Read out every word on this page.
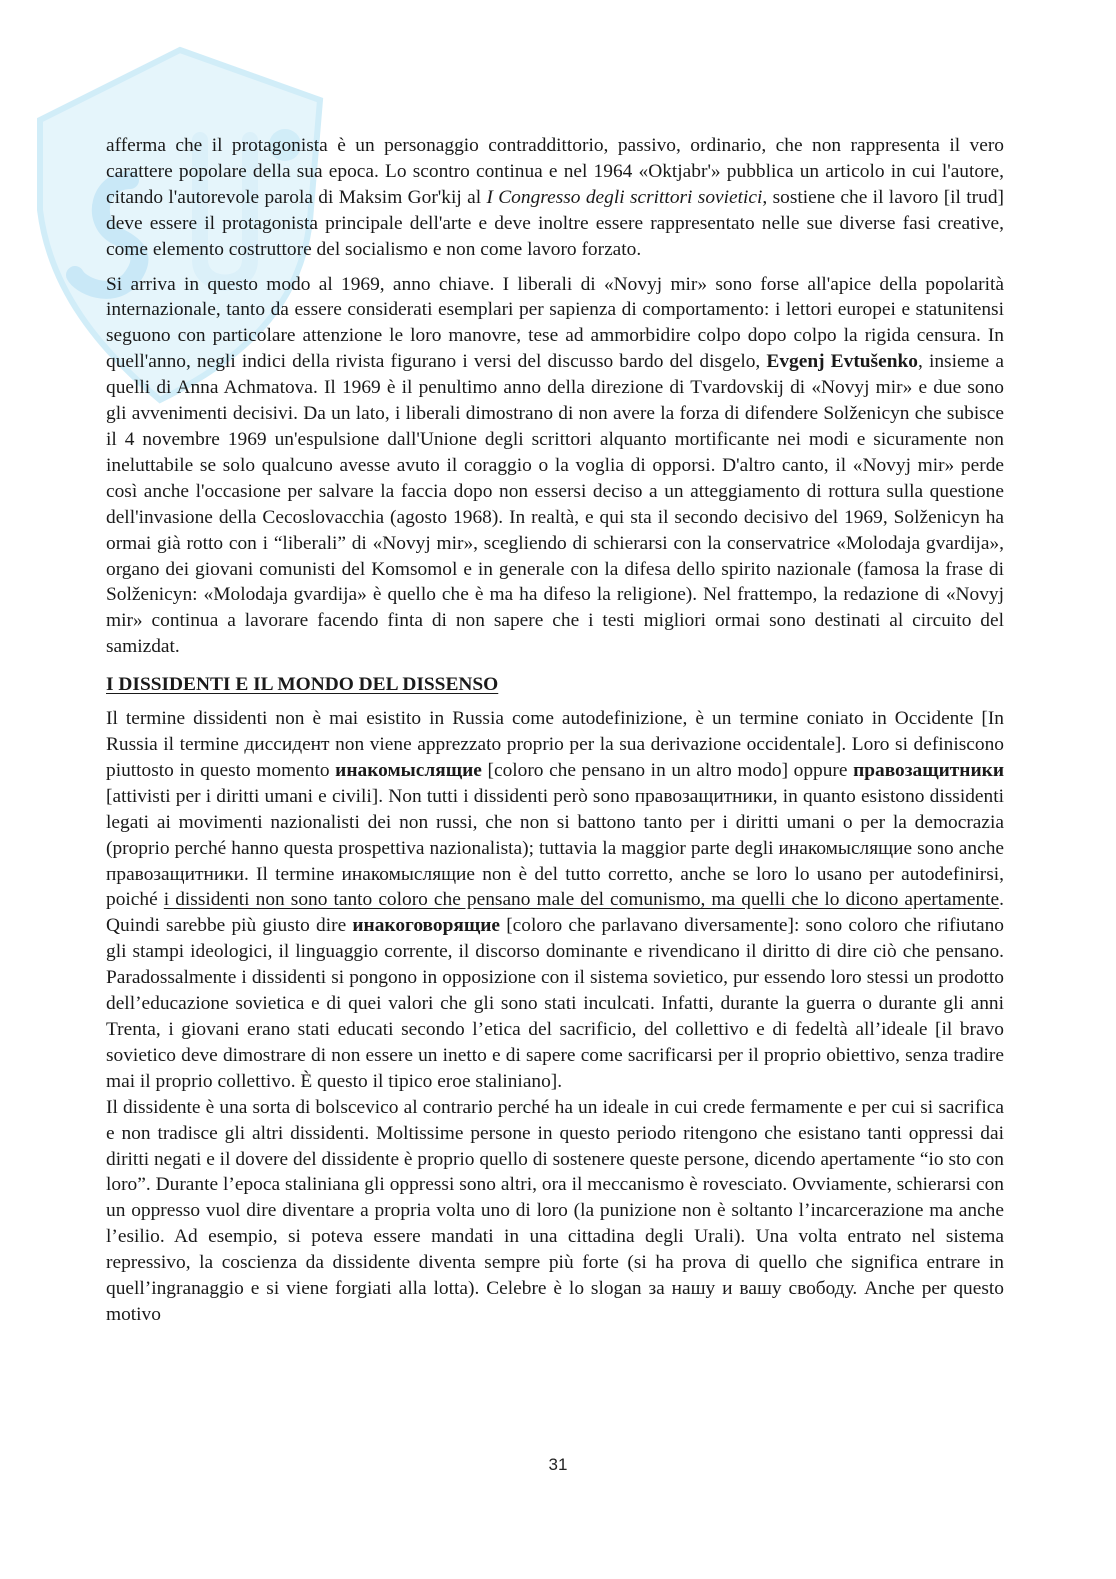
afferma che il protagonista è un personaggio contraddittorio, passivo, ordinario, che non rappresenta il vero carattere popolare della sua epoca. Lo scontro continua e nel 1964 «Oktjabr'» pubblica un articolo in cui l'autore, citando l'autorevole parola di Maksim Gor'kij al I Congresso degli scrittori sovietici, sostiene che il lavoro [il trud] deve essere il protagonista principale dell'arte e deve inoltre essere rappresentato nelle sue diverse fasi creative, come elemento costruttore del socialismo e non come lavoro forzato.

Si arriva in questo modo al 1969, anno chiave. I liberali di «Novyj mir» sono forse all'apice della popolarità internazionale, tanto da essere considerati esemplari per sapienza di comportamento: i lettori europei e statunitensi seguono con particolare attenzione le loro manovre, tese ad ammorbidire colpo dopo colpo la rigida censura. In quell'anno, negli indici della rivista figurano i versi del discusso bardo del disgelo, Evgenj Evtušenko, insieme a quelli di Anna Achmatova. Il 1969 è il penultimo anno della direzione di Tvardovskij di «Novyj mir» e due sono gli avvenimenti decisivi. Da un lato, i liberali dimostrano di non avere la forza di difendere Solženicyn che subisce il 4 novembre 1969 un'espulsione dall'Unione degli scrittori alquanto mortificante nei modi e sicuramente non ineluttabile se solo qualcuno avesse avuto il coraggio o la voglia di opporsi. D'altro canto, il «Novyj mir» perde così anche l'occasione per salvare la faccia dopo non essersi deciso a un atteggiamento di rottura sulla questione dell'invasione della Cecoslovacchia (agosto 1968). In realtà, e qui sta il secondo decisivo del 1969, Solženicyn ha ormai già rotto con i “liberali” di «Novyj mir», scegliendo di schierarsi con la conservatrice «Molodaja gvardija», organo dei giovani comunisti del Komsomol e in generale con la difesa dello spirito nazionale (famosa la frase di Solženicyn: «Molodaja gvardija» è quello che è ma ha difeso la religione). Nel frattempo, la redazione di «Novyj mir» continua a lavorare facendo finta di non sapere che i testi migliori ormai sono destinati al circuito del samizdat.

I DISSIDENTI E IL MONDO DEL DISSENSO

Il termine dissidenti non è mai esistito in Russia come autodefinizione, è un termine coniato in Occidente [In Russia il termine диссидент non viene apprezzato proprio per la sua derivazione occidentale]. Loro si definiscono piuttosto in questo momento инакомыслящие [coloro che pensano in un altro modo] oppure правозащитники [attivisti per i diritti umani e civili]. Non tutti i dissidenti però sono правозащитники, in quanto esistono dissidenti legati ai movimenti nazionalisti dei non russi, che non si battono tanto per i diritti umani o per la democrazia (proprio perché hanno questa prospettiva nazionalista); tuttavia la maggior parte degli инакомыслящие sono anche правозащитники. Il termine инакомыслящие non è del tutto corretto, anche se loro lo usano per autodefinirsi, poiché i dissidenti non sono tanto coloro che pensano male del comunismo, ma quelli che lo dicono apertamente. Quindi sarebbe più giusto dire инакоговорящие [coloro che parlavano diversamente]: sono coloro che rifiutano gli stampi ideologici, il linguaggio corrente, il discorso dominante e rivendicano il diritto di dire ciò che pensano. Paradossalmente i dissidenti si pongono in opposizione con il sistema sovietico, pur essendo loro stessi un prodotto dell’educazione sovietica e di quei valori che gli sono stati inculcati. Infatti, durante la guerra o durante gli anni Trenta, i giovani erano stati educati secondo l’etica del sacrificio, del collettivo e di fedeltà all’ideale [il bravo sovietico deve dimostrare di non essere un inetto e di sapere come sacrificarsi per il proprio obiettivo, senza tradire mai il proprio collettivo. È questo il tipico eroe staliniano].

Il dissidente è una sorta di bolscevico al contrario perché ha un ideale in cui crede fermamente e per cui si sacrifica e non tradisce gli altri dissidenti. Moltissime persone in questo periodo ritengono che esistano tanti oppressi dai diritti negati e il dovere del dissidente è proprio quello di sostenere queste persone, dicendo apertamente “io sto con loro”. Durante l’epoca staliniana gli oppressi sono altri, ora il meccanismo è rovesciato. Ovviamente, schierarsi con un oppresso vuol dire diventare a propria volta uno di loro (la punizione non è soltanto l’incarcerazione ma anche l’esilio. Ad esempio, si poteva essere mandati in una cittadina degli Urali). Una volta entrato nel sistema repressivo, la coscienza da dissidente diventa sempre più forte (si ha prova di quello che significa entrare in quell’ingranaggio e si viene forgiati alla lotta). Celebre è lo slogan за нашу и вашу свободу. Anche per questo motivo

31
